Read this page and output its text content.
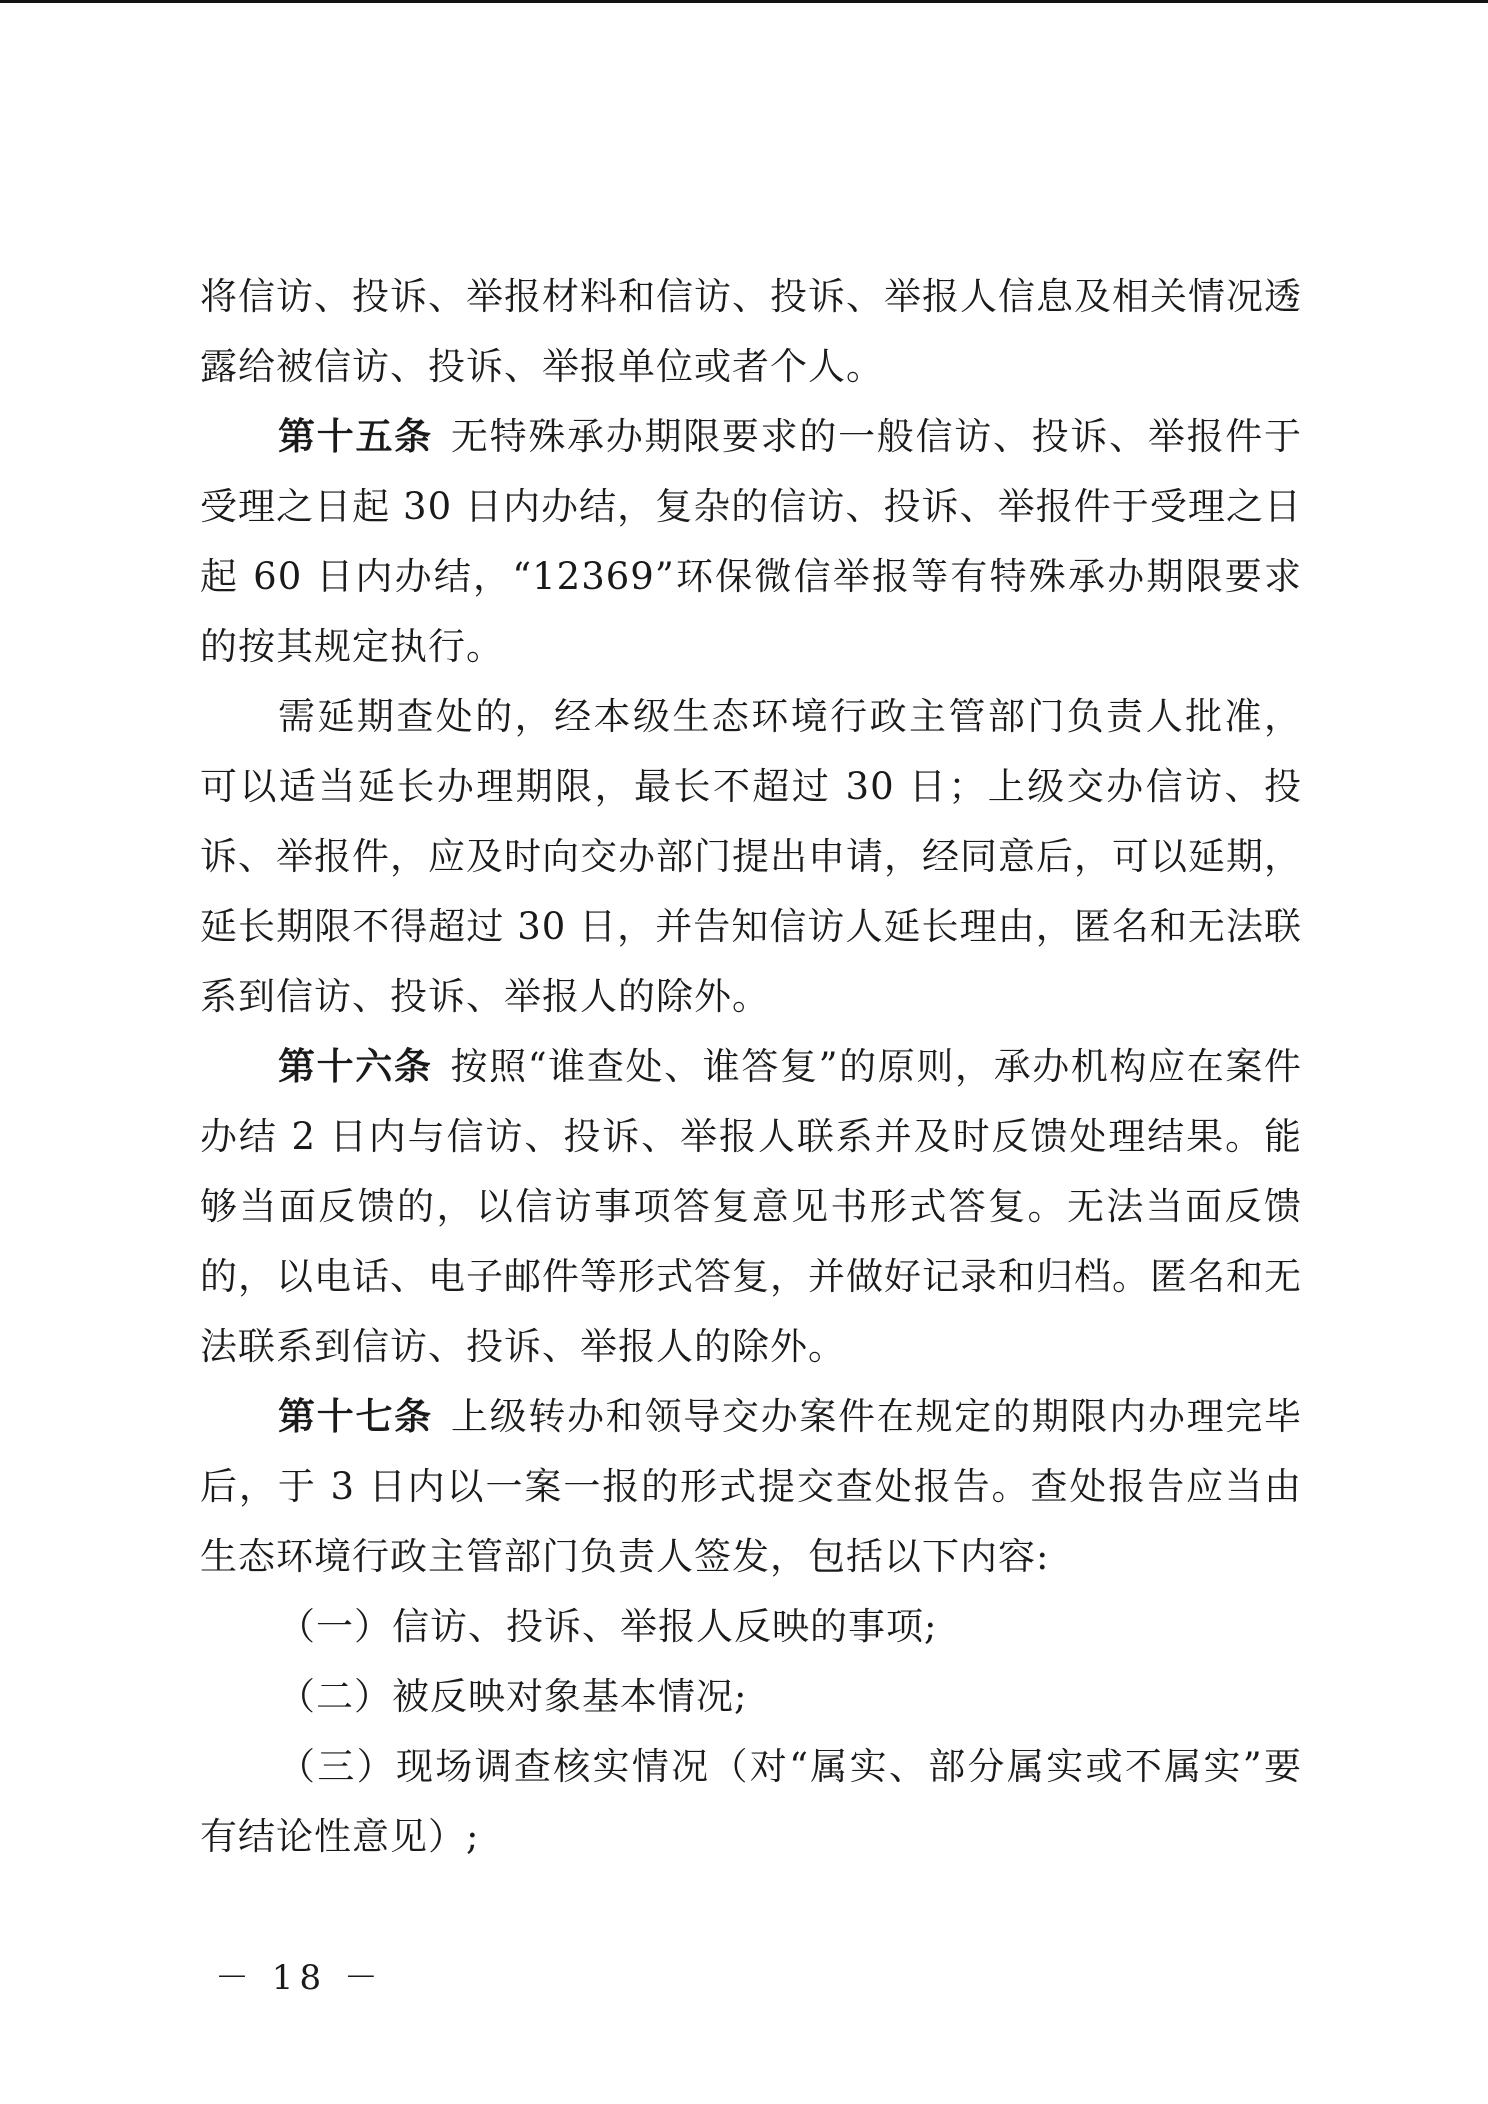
将信访、投诉、举报材料和信访、投诉、举报人信息及相关情况透露给被信访、投诉、举报单位或者个人。

第十五条 无特殊承办期限要求的一般信访、投诉、举报件于受理之日起 30 日内办结，复杂的信访、投诉、举报件于受理之日起 60 日内办结，“12369”环保微信举报等有特殊承办期限要求的按其规定执行。

需延期查处的，经本级生态环境行政主管部门负责人批准，可以适当延长办理期限，最长不超过 30 日；上级交办信访、投诉、举报件，应及时向交办部门提出申请，经同意后，可以延期，延长期限不得超过 30 日，并告知信访人延长理由，匿名和无法联系到信访、投诉、举报人的除外。

第十六条 按照“谁查处、谁答复”的原则，承办机构应在案件办结 2 日内与信访、投诉、举报人联系并及时反馈处理结果。能够当面反馈的，以信访事项答复意见书形式答复。无法当面反馈的，以电话、电子邮件等形式答复，并做好记录和归档。匿名和无法联系到信访、投诉、举报人的除外。

第十七条 上级转办和领导交办案件在规定的期限内办理完毕后，于 3 日内以一案一报的形式提交查处报告。查处报告应当由生态环境行政主管部门负责人签发，包括以下内容:

（一）信访、投诉、举报人反映的事项;

（二）被反映对象基本情况;

（三）现场调查核实情况（对“属实、部分属实或不属实”要有结论性意见）;

－ 18 －
